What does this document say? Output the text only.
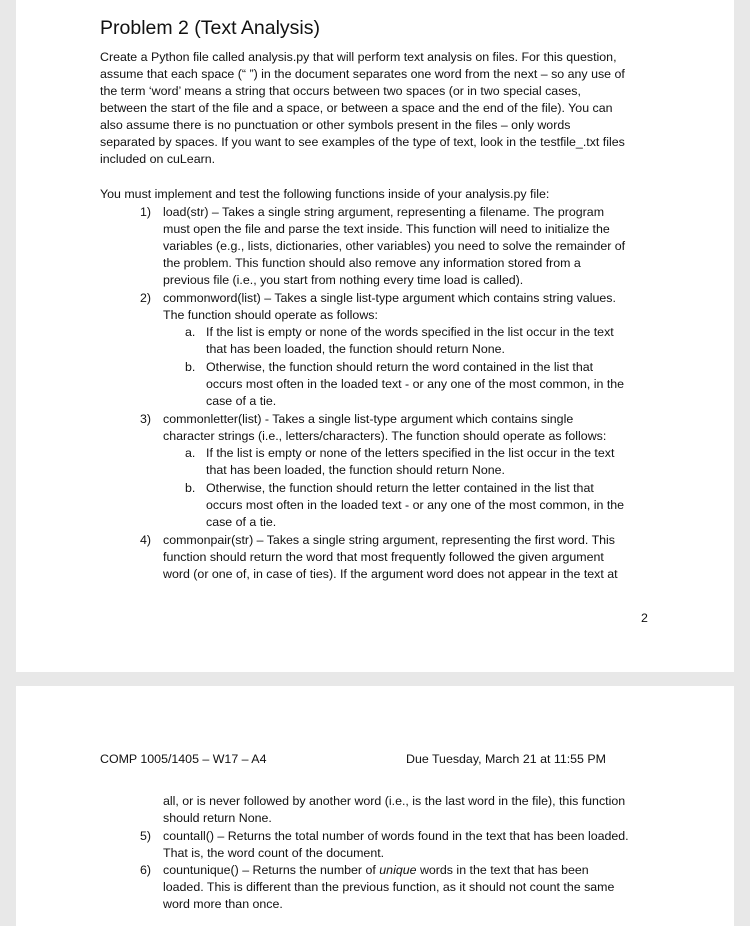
Problem 2 (Text Analysis)
Create a Python file called analysis.py that will perform text analysis on files. For this question,
assume that each space (“ ”) in the document separates one word from the next – so any use of
the term ‘word’ means a string that occurs between two spaces (or in two special cases,
between the start of the file and a space, or between a space and the end of the file). You can
also assume there is no punctuation or other symbols present in the files – only words
separated by spaces. If you want to see examples of the type of text, look in the testfile_.txt files
included on cuLearn.
You must implement and test the following functions inside of your analysis.py file:
1) load(str) – Takes a single string argument, representing a filename. The program
must open the file and parse the text inside. This function will need to initialize the
variables (e.g., lists, dictionaries, other variables) you need to solve the remainder of
the problem. This function should also remove any information stored from a
previous file (i.e., you start from nothing every time load is called).
2) commonword(list) – Takes a single list-type argument which contains string values.
The function should operate as follows:
a. If the list is empty or none of the words specified in the list occur in the text
that has been loaded, the function should return None.
b. Otherwise, the function should return the word contained in the list that
occurs most often in the loaded text - or any one of the most common, in the
case of a tie.
3) commonletter(list) - Takes a single list-type argument which contains single
character strings (i.e., letters/characters). The function should operate as follows:
a. If the list is empty or none of the letters specified in the list occur in the text
that has been loaded, the function should return None.
b. Otherwise, the function should return the letter contained in the list that
occurs most often in the loaded text - or any one of the most common, in the
case of a tie.
4) commonpair(str) – Takes a single string argument, representing the first word. This
function should return the word that most frequently followed the given argument
word (or one of, in case of ties). If the argument word does not appear in the text at
2
COMP 1005/1405 – W17 – A4	Due Tuesday, March 21 at 11:55 PM
all, or is never followed by another word (i.e., is the last word in the file), this function
should return None.
5) countall() – Returns the total number of words found in the text that has been loaded.
That is, the word count of the document.
6) countunique() – Returns the number of unique words in the text that has been
loaded. This is different than the previous function, as it should not count the same
word more than once.
